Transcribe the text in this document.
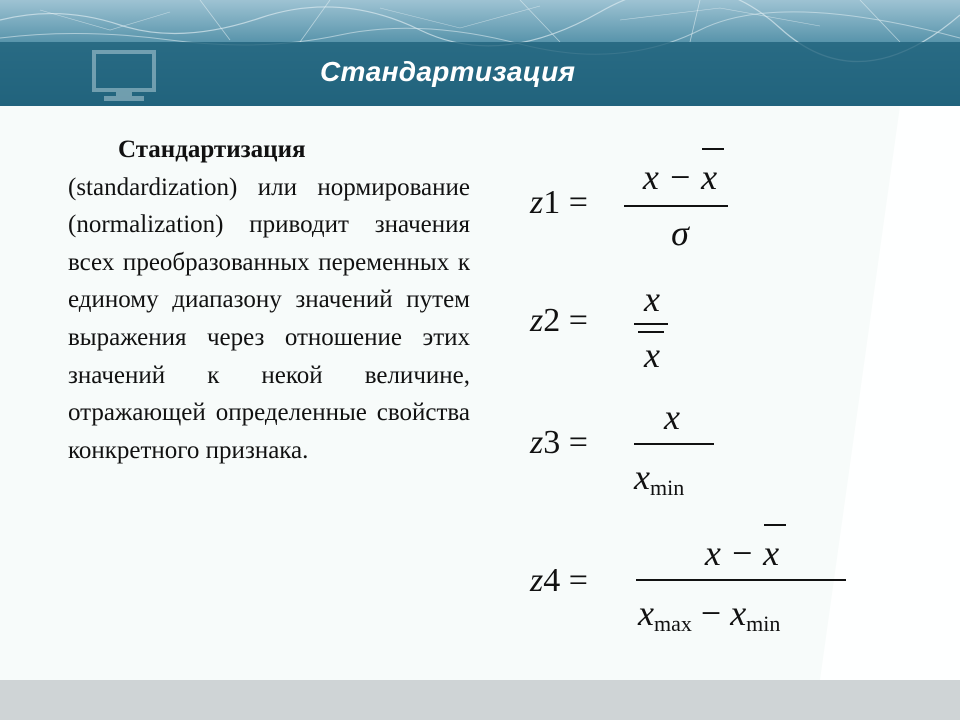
Стандартизация
Стандартизация
(standardization) или нормирование (normalization) приводит значения всех преобразованных переменных к единому диапазону значений путем выражения через отношение этих значений к некой величине, отражающей определенные свойства конкретного признака.
z1 =
x − x
σ
z2 =
x
x
z3 =
x
xmin
z4 =
x − x
xmax − xmin
